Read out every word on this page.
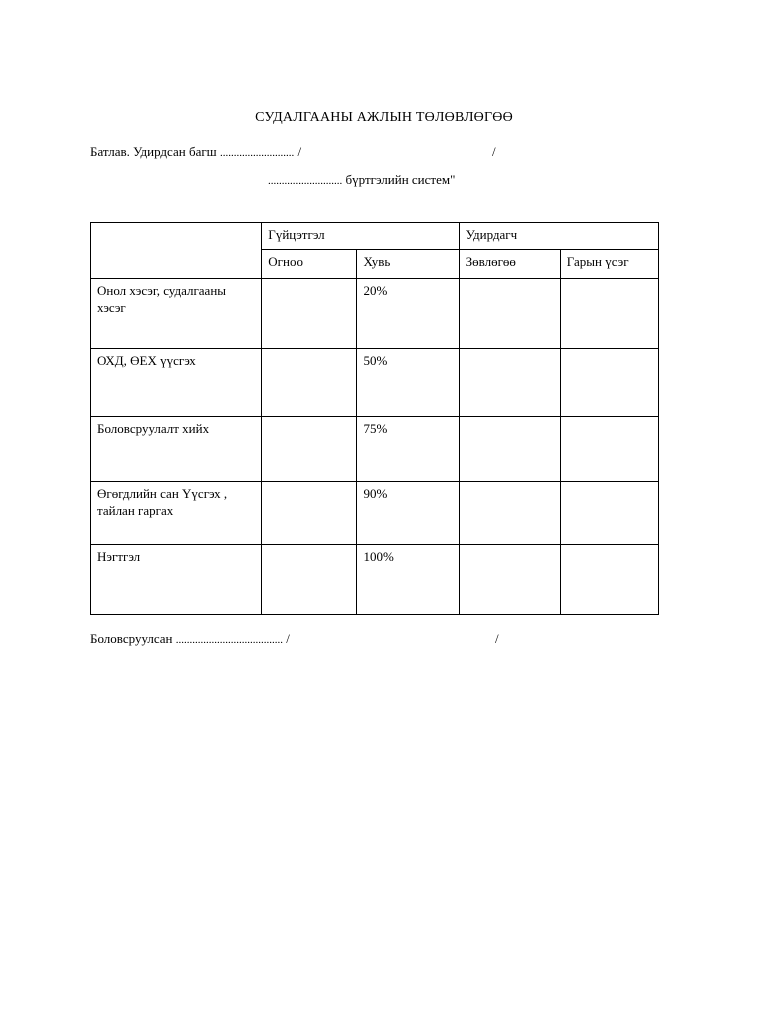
СУДАЛГААНЫ АЖЛЫН ТӨЛӨВЛӨГӨӨ
Батлав. Удирдсан багш ........................... /	/
........................... бүртгэлийн систем"
	Гүйцэтгэл		Удирдагч	
	Огноо	Хувь	Зөвлөгөө	Гарын үсэг
Онол хэсэг, судалгааны хэсэг		20%		
ОХД, ӨЕХ үүсгэх		50%		
Боловсруулалт хийх		75%		
Өгөгдлийн сан Үүсгэх , тайлан гаргах		90%		
Нэгтгэл		100%		
Боловсруулсан ....................................... /	/
